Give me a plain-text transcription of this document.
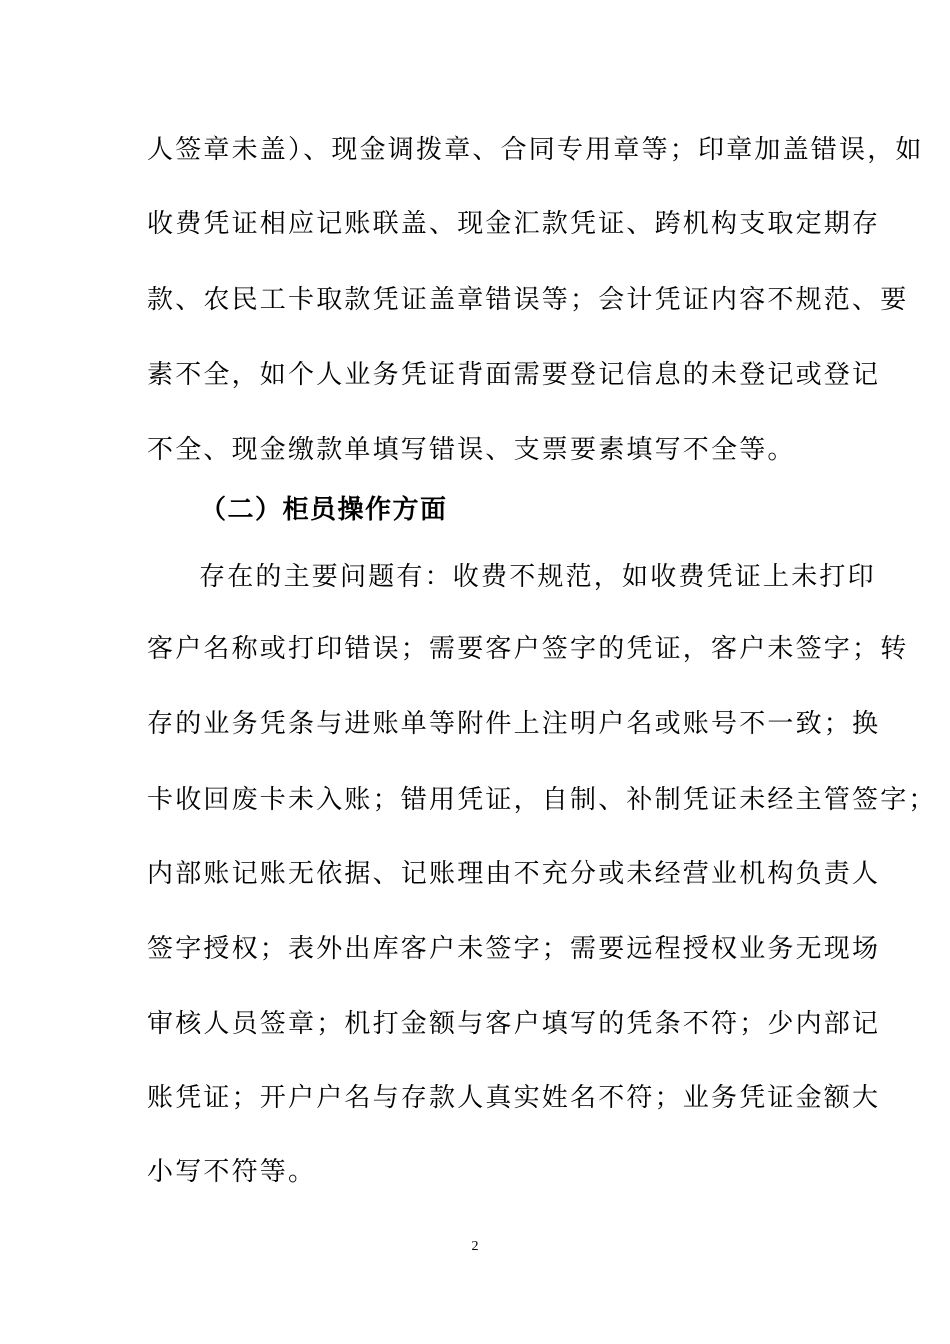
人签章未盖）、现金调拨章、合同专用章等；印章加盖错误，如
收费凭证相应记账联盖、现金汇款凭证、跨机构支取定期存
款、农民工卡取款凭证盖章错误等；会计凭证内容不规范、要
素不全，如个人业务凭证背面需要登记信息的未登记或登记
不全、现金缴款单填写错误、支票要素填写不全等。
（二）柜员操作方面
存在的主要问题有：收费不规范，如收费凭证上未打印
客户名称或打印错误；需要客户签字的凭证，客户未签字；转
存的业务凭条与进账单等附件上注明户名或账号不一致；换
卡收回废卡未入账；错用凭证，自制、补制凭证未经主管签字；
内部账记账无依据、记账理由不充分或未经营业机构负责人
签字授权；表外出库客户未签字；需要远程授权业务无现场
审核人员签章；机打金额与客户填写的凭条不符；少内部记
账凭证；开户户名与存款人真实姓名不符；业务凭证金额大
小写不符等。
2
